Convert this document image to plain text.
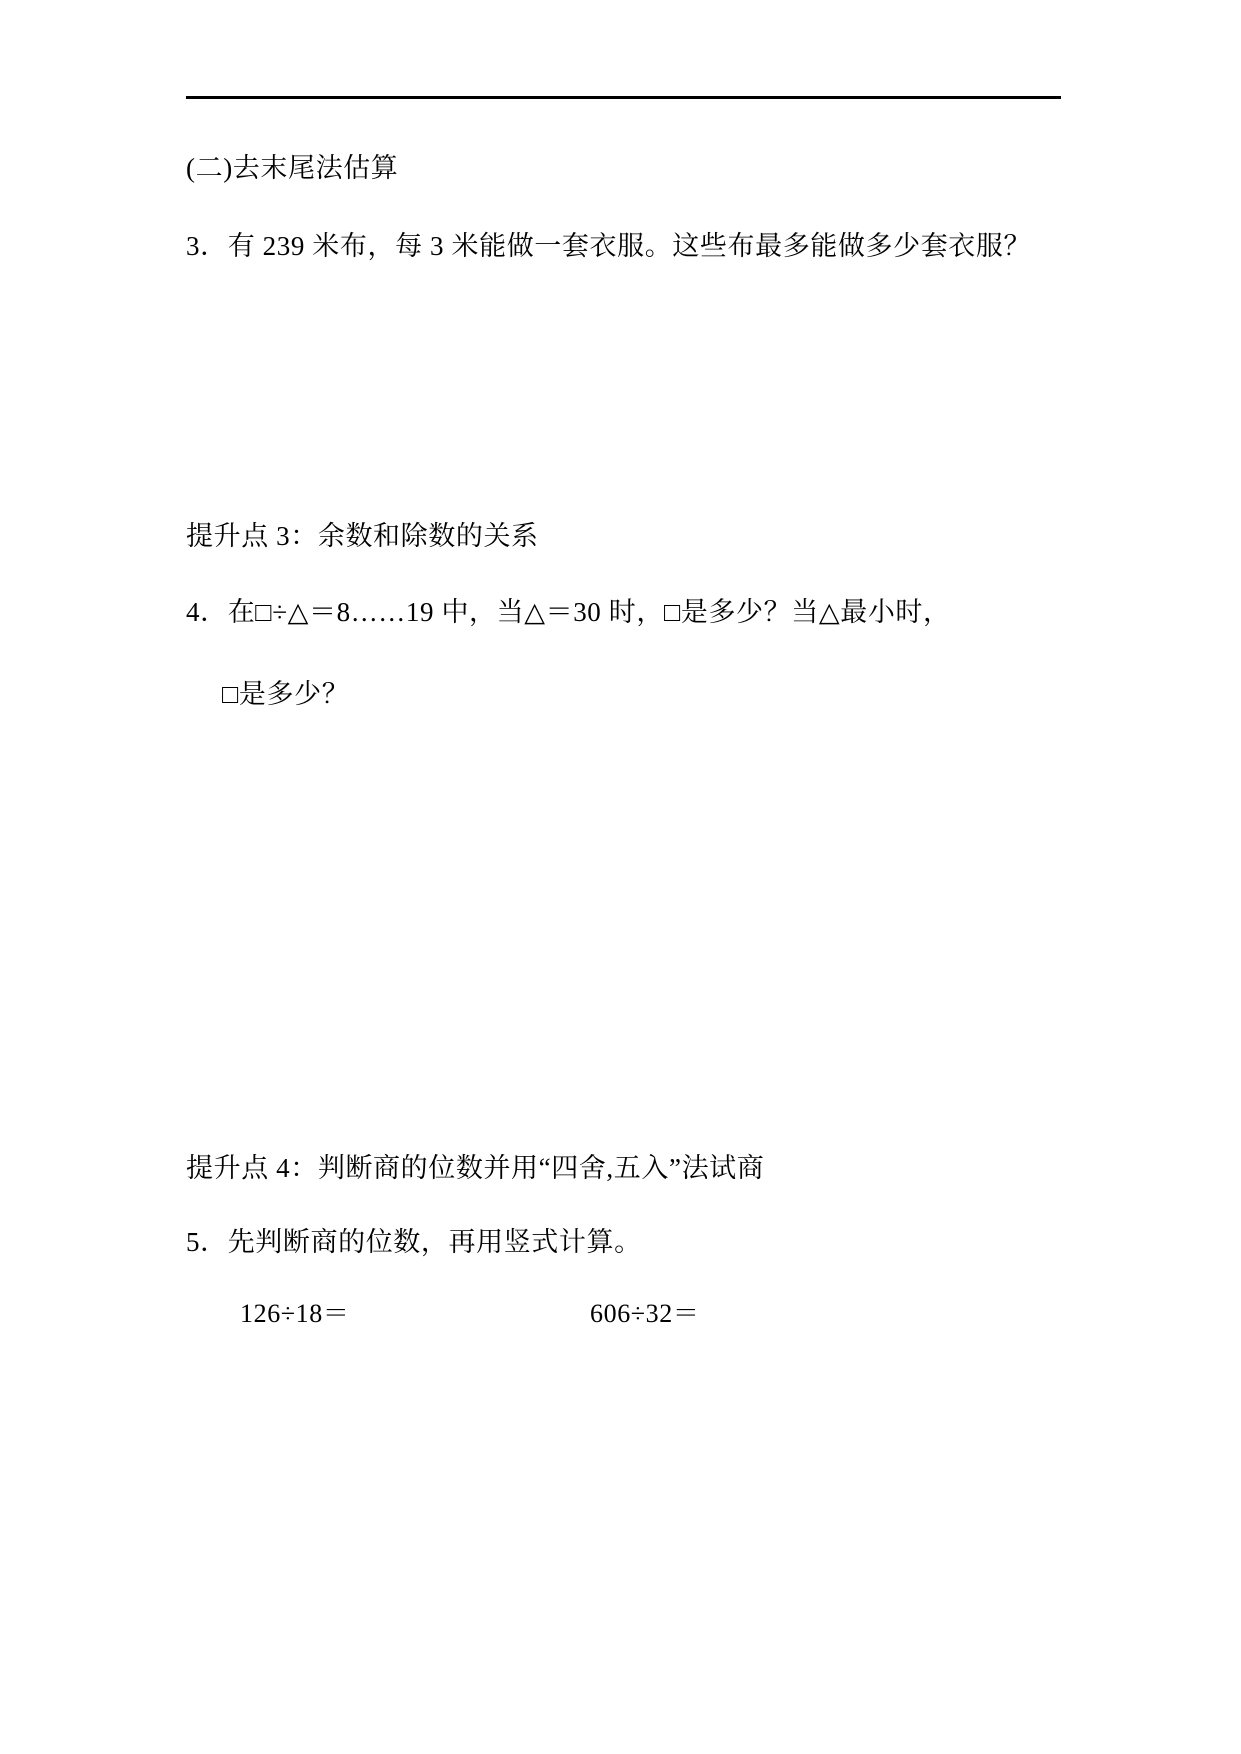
(二)去末尾法估算
3．有 239 米布，每 3 米能做一套衣服。这些布最多能做多少套衣服？
提升点 3：余数和除数的关系
4．在□÷△＝8……19 中，当△＝30 时，□是多少？当△最小时，
□是多少？
提升点 4：判断商的位数并用“四舍,五入”法试商
5．先判断商的位数，再用竖式计算。
126÷18＝	606÷32＝
